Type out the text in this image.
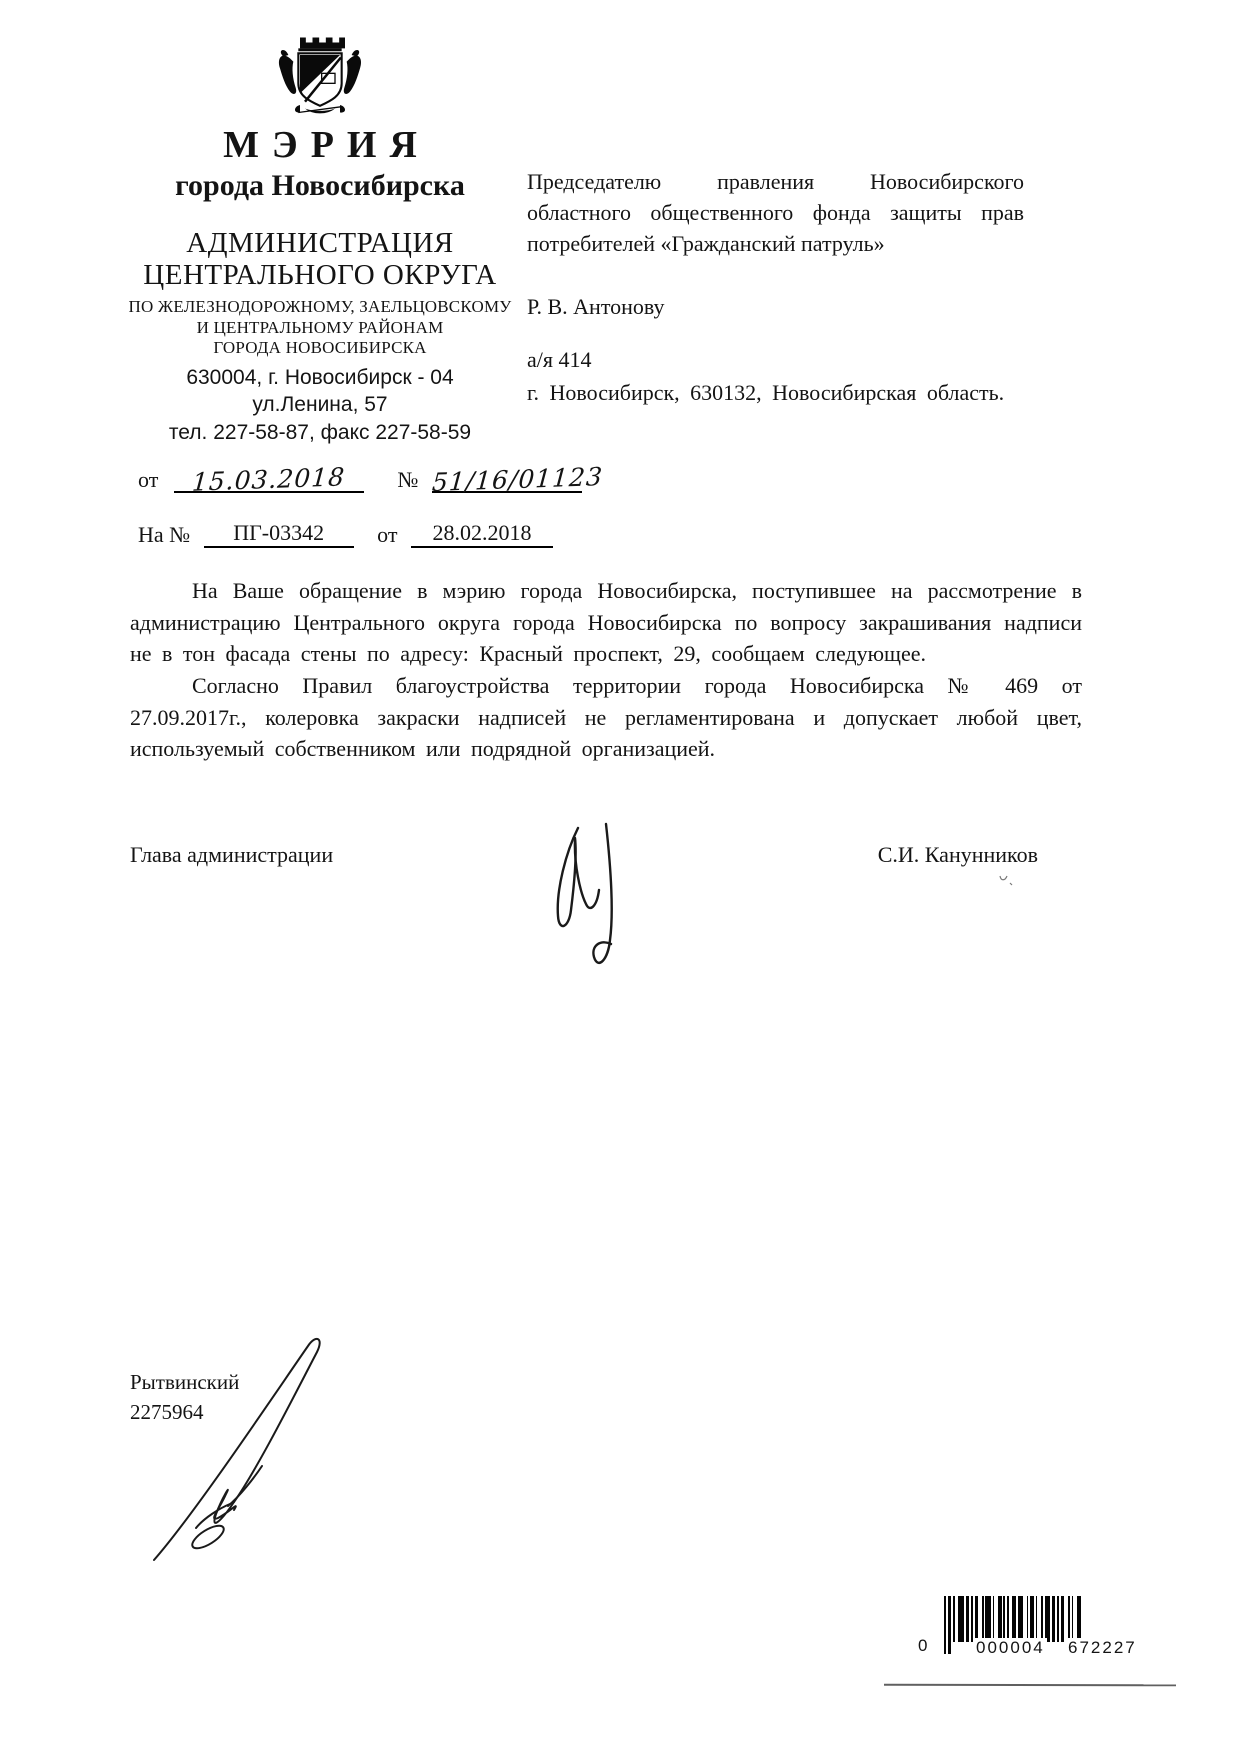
МЭРИЯ
города Новосибирска
АДМИНИСТРАЦИЯ
ЦЕНТРАЛЬНОГО ОКРУГА
ПО ЖЕЛЕЗНОДОРОЖНОМУ, ЗАЕЛЬЦОВСКОМУ
И ЦЕНТРАЛЬНОМУ РАЙОНАМ
ГОРОДА НОВОСИБИРСКА
630004, г. Новосибирск - 04
ул.Ленина, 57
тел. 227-58-87, факс 227-58-59
от 15.03.2018 № 51/16/01123
На № ПГ-03342 от 28.02.2018
Председателю правления Новосибирского областного общественного фонда защиты прав потребителей «Гражданский патруль»
Р. В. Антонову
а/я 414
г. Новосибирск, 630132, Новосибирская область.

На Ваше обращение в мэрию города Новосибирска, поступившее на рассмотрение в администрацию Центрального округа города Новосибирска по вопросу закрашивания надписи не в тон фасада стены по адресу: Красный проспект, 29, сообщаем следующее.

Согласно Правил благоустройства территории города Новосибирска № 469 от 27.09.2017г., колеровка закраски надписей не регламентирована и допускает любой цвет, используемый собственником или подрядной организацией.

Глава администрации	С.И. Канунников
Рытвинский
2275964
0	000004 672227
